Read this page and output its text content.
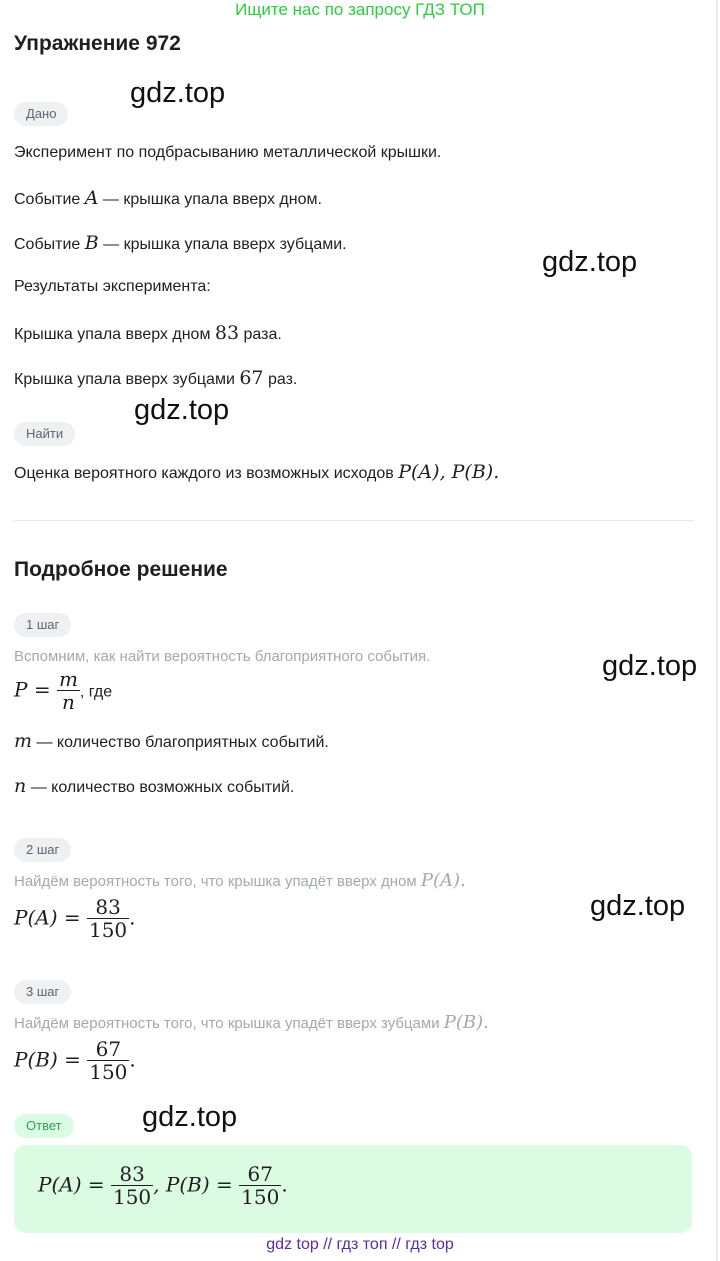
Ищите нас по запросу ГДЗ ТОП
Упражнение 972
gdz.top
gdz.top
gdz.top
gdz.top
gdz.top
gdz.top
Дано
Эксперимент по подбрасыванию металлической крышки.
Событие A — крышка упала вверх дном.
Событие B — крышка упала вверх зубцами.
Результаты эксперимента:
Крышка упала вверх дном 83 раза.
Крышка упала вверх зубцами 67 раз.
Найти
Оценка вероятного каждого из возможных исходов P(A), P(B).
Подробное решение
1 шаг
Вспомним, как найти вероятность благоприятного события.
$P = \frac{m}{n}$ , где
m — количество благоприятных событий.
n — количество возможных событий.
2 шаг
Найдём вероятность того, что крышка упадёт вверх дном P(A).
$P(A) = \frac{83}{150}$ .
3 шаг
Найдём вероятность того, что крышка упадёт вверх зубцами P(B).
$P(B) = \frac{67}{150}$ .
Ответ
$P(A) = \frac{83}{150}$ , $P(B) = \frac{67}{150}$ .
gdz top // гдз топ // гдз top
